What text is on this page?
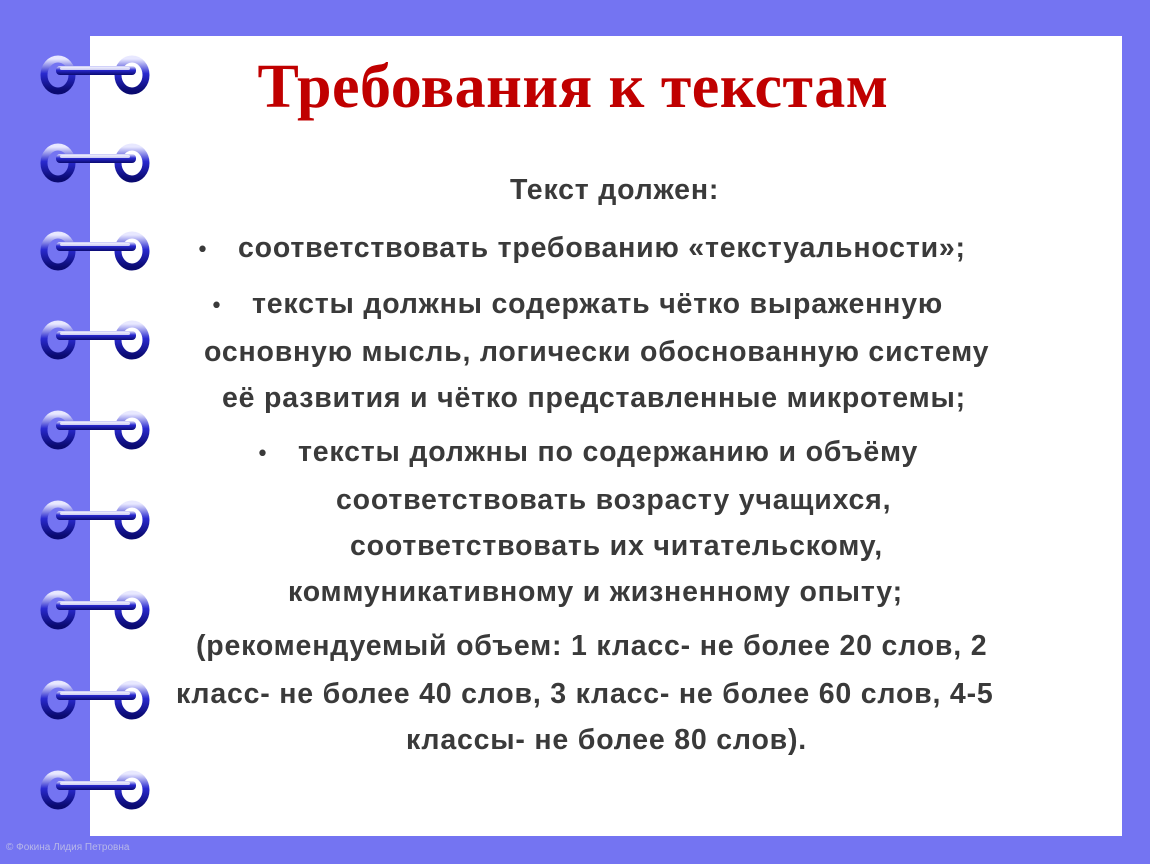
Требования к текстам
Текст должен:
• соответствовать требованию «текстуальности»;
• тексты должны содержать чётко выраженную
основную мысль, логически обоснованную систему
её развития и чётко представленные микротемы;
• тексты должны по содержанию и объёму
соответствовать возрасту учащихся,
соответствовать их читательскому,
коммуникативному и жизненному опыту;
(рекомендуемый объем: 1 класс- не более 20 слов, 2
класс- не более 40 слов, 3 класс- не более 60 слов, 4-5
классы- не более 80 слов).
© Фокина Лидия Петровна
